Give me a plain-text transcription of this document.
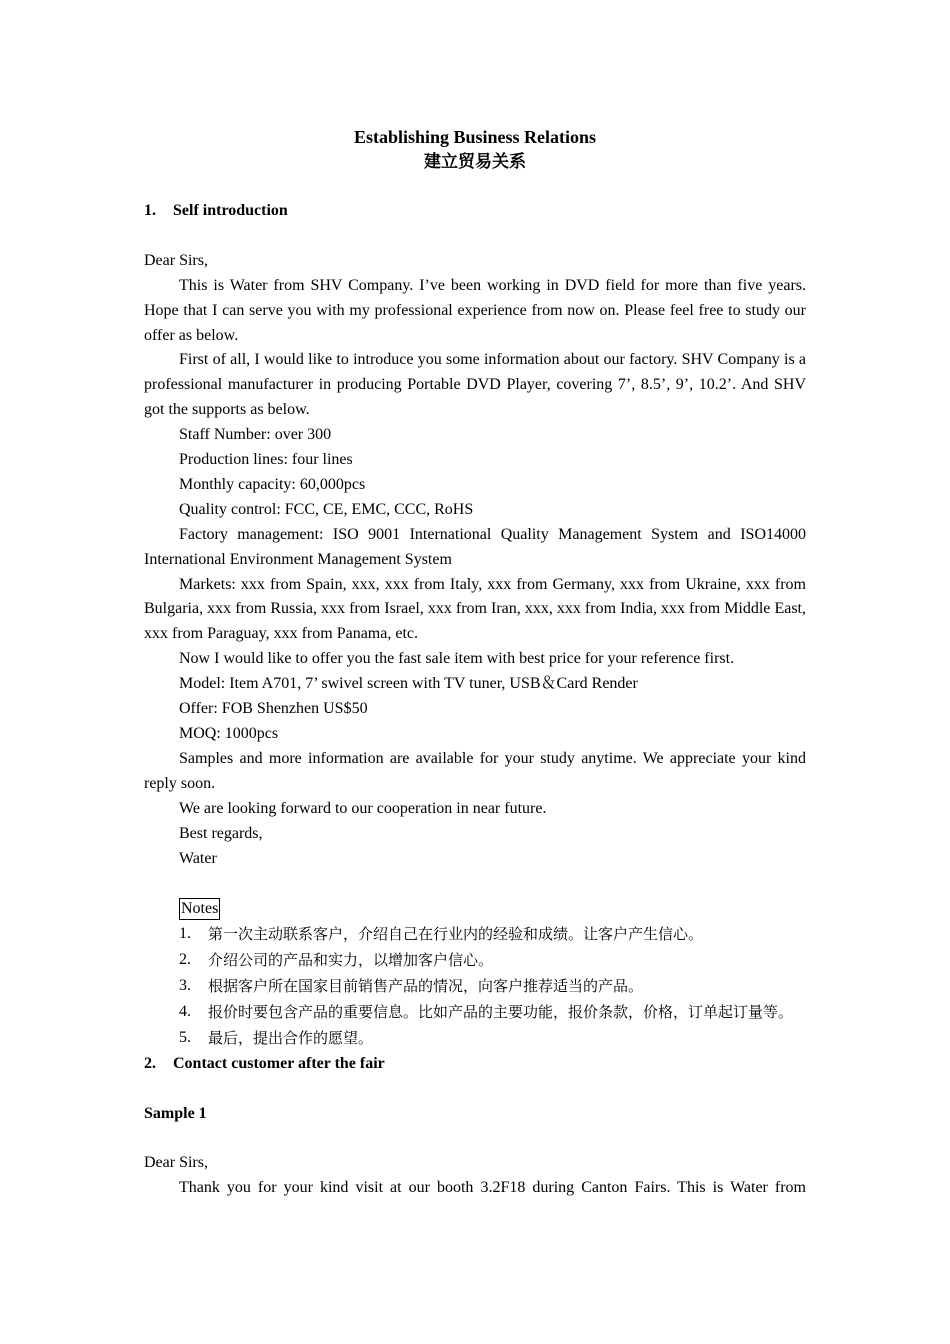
Establishing Business Relations
建立贸易关系

1. Self introduction

Dear Sirs,

This is Water from SHV Company. I’ve been working in DVD field for more than five years. Hope that I can serve you with my professional experience from now on. Please feel free to study our offer as below.

First of all, I would like to introduce you some information about our factory. SHV Company is a professional manufacturer in producing Portable DVD Player, covering 7’, 8.5’, 9’, 10.2’. And SHV got the supports as below.

Staff Number: over 300

Production lines: four lines

Monthly capacity: 60,000pcs

Quality control: FCC, CE, EMC, CCC, RoHS

Factory management: ISO 9001 International Quality Management System and ISO14000 International Environment Management System

Markets: xxx from Spain, xxx, xxx from Italy, xxx from Germany, xxx from Ukraine, xxx from Bulgaria, xxx from Russia, xxx from Israel, xxx from Iran, xxx, xxx from India, xxx from Middle East, xxx from Paraguay, xxx from Panama, etc.

Now I would like to offer you the fast sale item with best price for your reference first.

Model: Item A701, 7’ swivel screen with TV tuner, USB＆Card Render

Offer: FOB Shenzhen US$50

MOQ: 1000pcs

Samples and more information are available for your study anytime. We appreciate your kind reply soon.

We are looking forward to our cooperation in near future.

Best regards,

Water

Notes

1. 第一次主动联系客户，介绍自己在行业内的经验和成绩。让客户产生信心。
2. 介绍公司的产品和实力，以增加客户信心。
3. 根据客户所在国家目前销售产品的情况，向客户推荐适当的产品。
4. 报价时要包含产品的重要信息。比如产品的主要功能，报价条款，价格，订单起订量等。
5. 最后，提出合作的愿望。

2. Contact customer after the fair

Sample 1

Dear Sirs,

Thank you for your kind visit at our booth 3.2F18 during Canton Fairs. This is Water from
